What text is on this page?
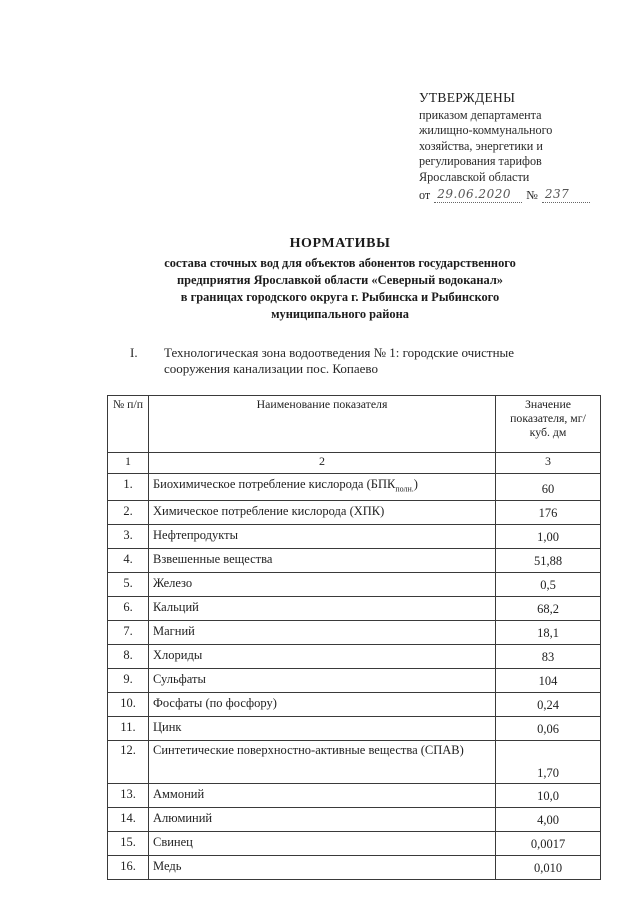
УТВЕРЖДЕНЫ
приказом департамента
жилищно-коммунального
хозяйства, энергетики и
регулирования тарифов
Ярославской области
от 29.06.2020	№ 237
НОРМАТИВЫ
состава сточных вод для объектов абонентов государственного
предприятия Ярославкой области «Северный водоканал»
в границах городского округа г. Рыбинска и Рыбинского
муниципального района
I. Технологическая зона водоотведения № 1: городские очистные
сооружения канализации пос. Копаево
№ п/п	Наименование показателя	Значение показателя, мг/куб. дм
1	2	3
1.	Биохимическое потребление кислорода $(БПК_{полн.})$	60
2.	Химическое потребление кислорода (ХПК)	176
3.	Нефтепродукты	1,00
4.	Взвешенные вещества	51,88
5.	Железо	0,5
6.	Кальций	68,2
7.	Магний	18,1
8.	Хлориды	83
9.	Сульфаты	104
10.	Фосфаты (по фосфору)	0,24
11.	Цинк	0,06
12.	Синтетические поверхностно-активные вещества (СПАВ)	1,70
13.	Аммоний	10,0
14.	Алюминий	4,00
15.	Свинец	0,0017
16.	Медь	0,010
